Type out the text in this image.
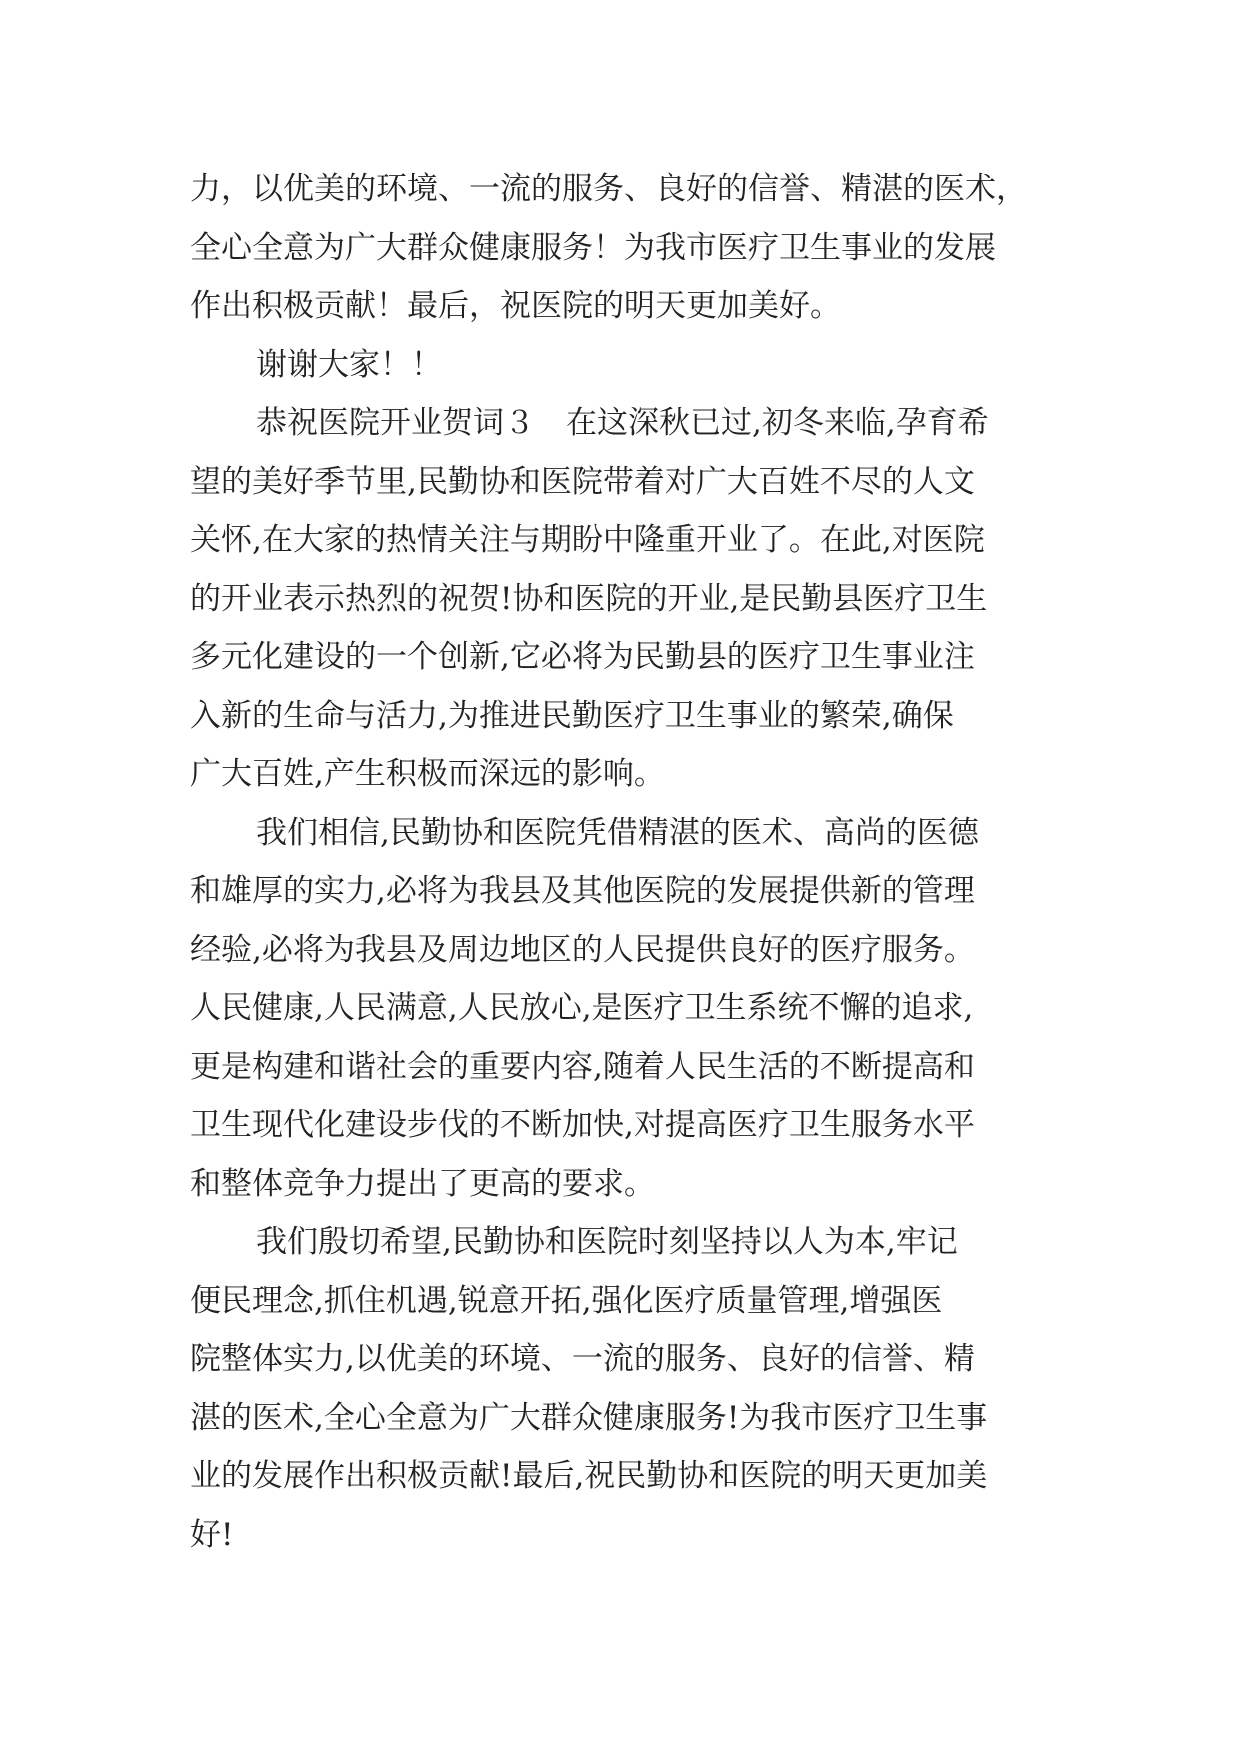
力，以优美的环境、一流的服务、良好的信誉、精湛的医术，
全心全意为广大群众健康服务！为我市医疗卫生事业的发展
作出积极贡献！最后，祝医院的明天更加美好。
谢谢大家！！
恭祝医院开业贺词３　在这深秋已过,初冬来临,孕育希
望的美好季节里,民勤协和医院带着对广大百姓不尽的人文
关怀,在大家的热情关注与期盼中隆重开业了。在此,对医院
的开业表示热烈的祝贺!协和医院的开业,是民勤县医疗卫生
多元化建设的一个创新,它必将为民勤县的医疗卫生事业注
入新的生命与活力,为推进民勤医疗卫生事业的繁荣,确保
广大百姓,产生积极而深远的影响。
我们相信,民勤协和医院凭借精湛的医术、高尚的医德
和雄厚的实力,必将为我县及其他医院的发展提供新的管理
经验,必将为我县及周边地区的人民提供良好的医疗服务。
人民健康,人民满意,人民放心,是医疗卫生系统不懈的追求,
更是构建和谐社会的重要内容,随着人民生活的不断提高和
卫生现代化建设步伐的不断加快,对提高医疗卫生服务水平
和整体竞争力提出了更高的要求。
我们殷切希望,民勤协和医院时刻坚持以人为本,牢记
便民理念,抓住机遇,锐意开拓,强化医疗质量管理,增强医
院整体实力,以优美的环境、一流的服务、良好的信誉、精
湛的医术,全心全意为广大群众健康服务!为我市医疗卫生事
业的发展作出积极贡献!最后,祝民勤协和医院的明天更加美
好!
